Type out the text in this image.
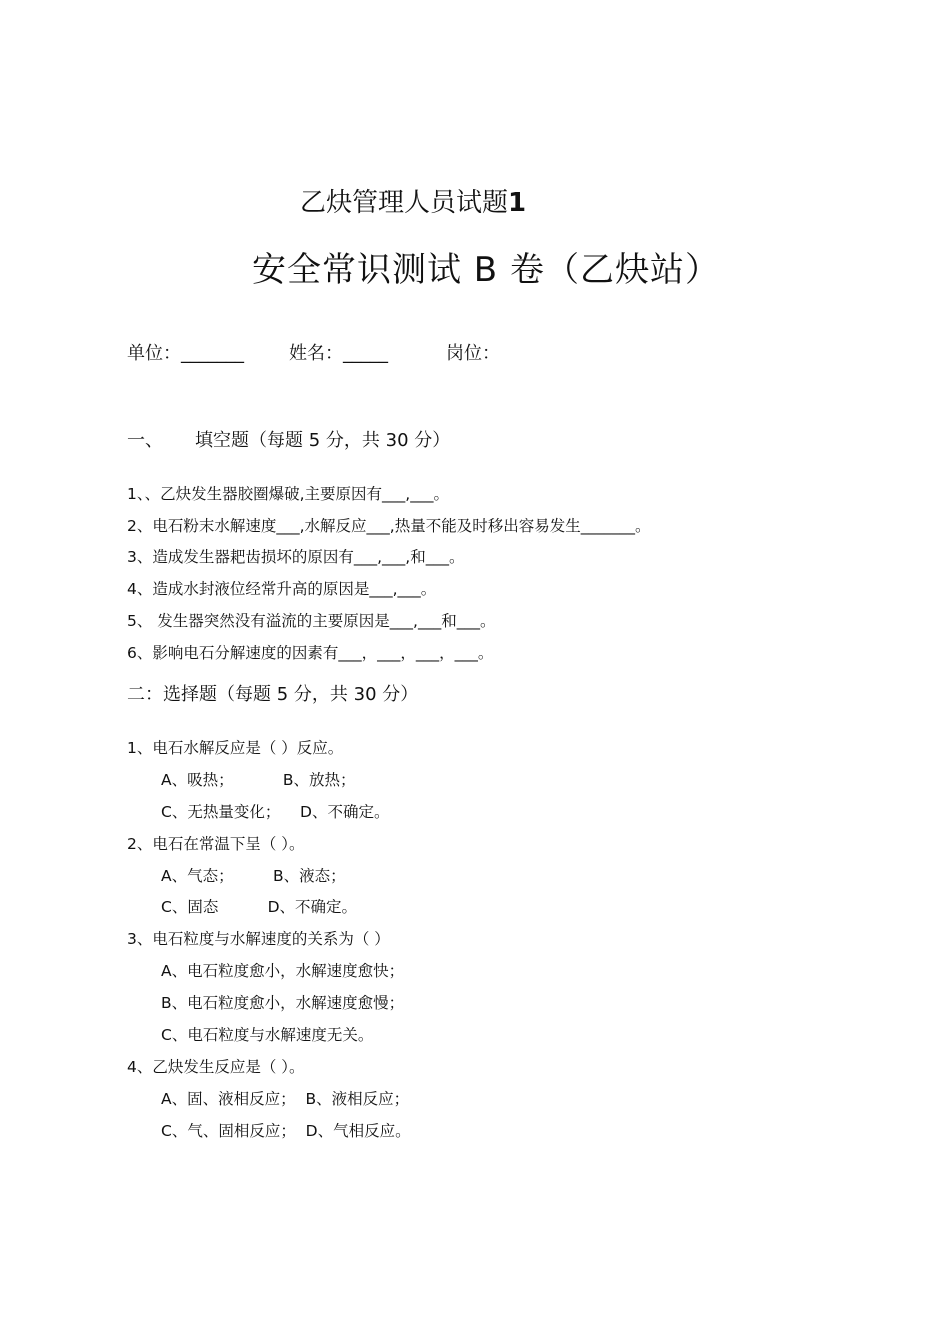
乙炔管理人员试题1
安全常识测试 B 卷（乙炔站）
单位：_______	姓名：_____	岗位：
一、 填空题（每题 5 分，共 30 分）
1、、乙炔发生器胶圈爆破,主要原因有___,___。
2、电石粉末水解速度___,水解反应___,热量不能及时移出容易发生_______。
3、造成发生器耙齿损坏的原因有___,___,和___。
4、造成水封液位经常升高的原因是___,___。
5、 发生器突然没有溢流的主要原因是___,___和___。
6、影响电石分解速度的因素有___，___，___，___。
二：选择题（每题 5 分，共 30 分）
1、电石水解反应是（ ）反应。
A、吸热；          B、放热；
C、无热量变化；    D、不确定。
2、电石在常温下呈（ ）。
A、气态；        B、液态；
C、固态          D、不确定。
3、电石粒度与水解速度的关系为（ ）
A、电石粒度愈小，水解速度愈快；
B、电石粒度愈小，水解速度愈慢；
C、电石粒度与水解速度无关。
4、乙炔发生反应是（ ）。
A、固、液相反应；  B、液相反应；
C、气、固相反应；  D、气相反应。
